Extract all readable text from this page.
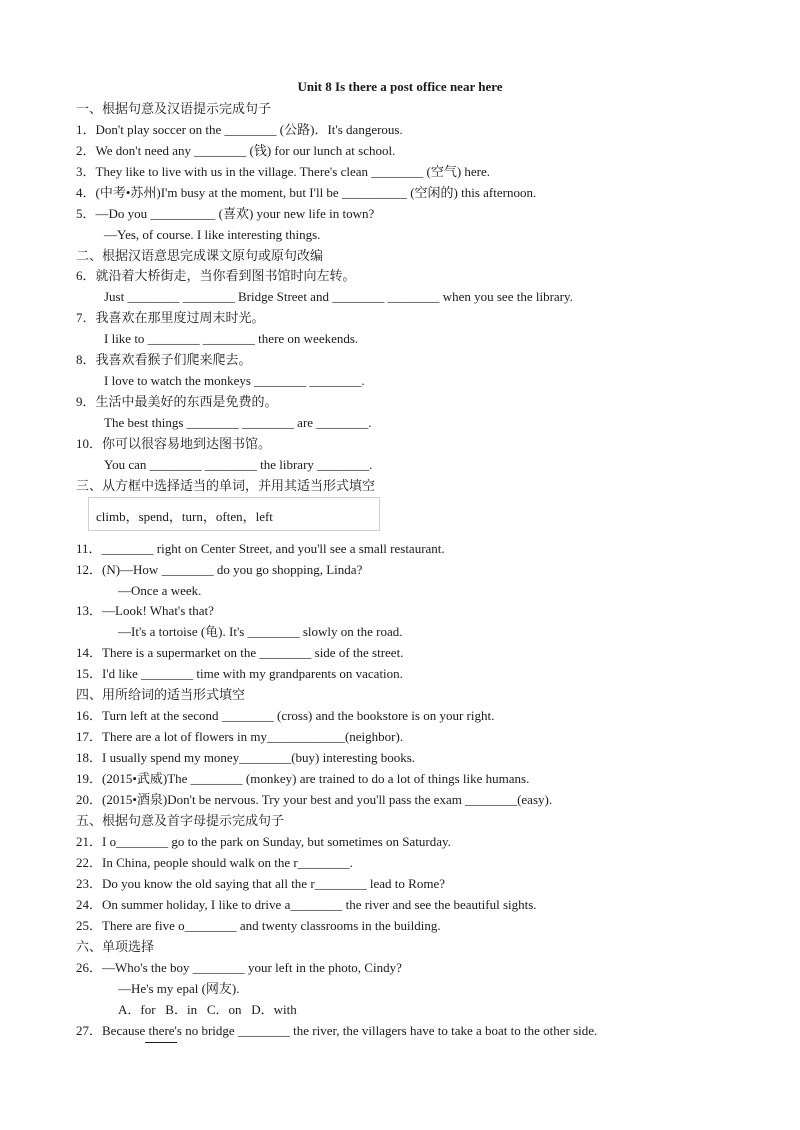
Unit 8 Is there a post office near here
一、根据句意及汉语提示完成句子
1．Don't play soccer on the ________ (公路)．It's dangerous.
2．We don't need any ________ (钱) for our lunch at school.
3．They like to live with us in the village. There's clean ________ (空气) here.
4．(中考•苏州)I'm busy at the moment, but I'll be __________ (空闲的) this afternoon.
5．—Do you __________ (喜欢) your new life in town?
—Yes, of course. I like interesting things.
二、根据汉语意思完成课文原句或原句改编
6．就沿着大桥街走，当你看到图书馆时向左转。
Just ________ ________ Bridge Street and ________ ________ when you see the library.
7．我喜欢在那里度过周末时光。
I like to ________ ________ there on weekends.
8．我喜欢看猴子们爬来爬去。
I love to watch the monkeys ________ ________.
9．生活中最美好的东西是免费的。
The best things ________ ________ are ________.
10．你可以很容易地到达图书馆。
You can ________ ________ the library ________.
三、从方框中选择适当的单词，并用其适当形式填空
climb，spend，turn，often，left
11．________ right on Center Street, and you'll see a small restaurant.
12．(N)—How ________ do you go shopping, Linda?
—Once a week.
13．—Look! What's that?
—It's a tortoise (龟). It's ________ slowly on the road.
14．There is a supermarket on the ________ side of the street.
15．I'd like ________ time with my grandparents on vacation.
四、用所给词的适当形式填空
16．Turn left at the second ________ (cross) and the bookstore is on your right.
17．There are a lot of flowers in my____________(neighbor).
18．I usually spend my money________(buy) interesting books.
19．(2015•武威)The ________ (monkey) are trained to do a lot of things like humans.
20．(2015•酒泉)Don't be nervous. Try your best and you'll pass the exam ________(easy).
五、根据句意及首字母提示完成句子
21．I o________ go to the park on Sunday, but sometimes on Saturday.
22．In China, people should walk on the r________.
23．Do you know the old saying that all the r________ lead to Rome?
24．On summer holiday, I like to drive a________ the river and see the beautiful sights.
25．There are five o________ and twenty classrooms in the building.
六、单项选择
26．—Who's the boy ________ your left in the photo, Cindy?
—He's my epal (网友).
A．for   B．in   C．on   D．with
27．Because there's no bridge ________ the river, the villagers have to take a boat to the other side.
